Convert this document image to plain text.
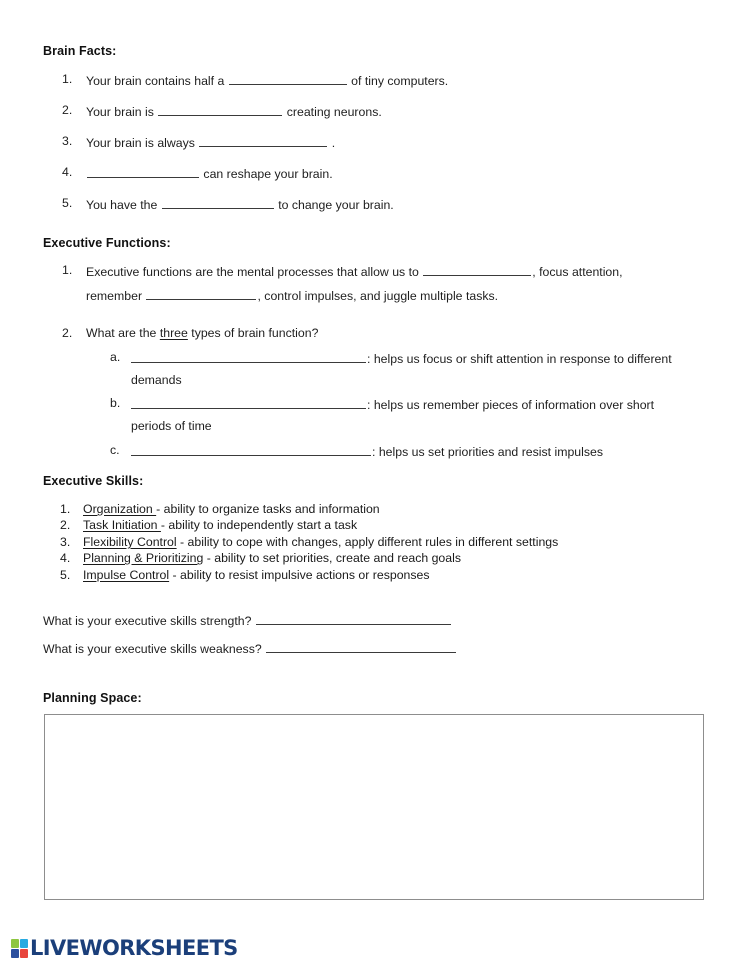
Brain Facts:
1.	Your brain contains half a	of tiny computers.
2.	Your brain is	creating neurons.
3.	Your brain is always	.
4.	can reshape your brain.
5.	You have the	to change your brain.
Executive Functions:
1.	Executive functions are the mental processes that allow us to	, focus attention,
remember	, control impulses, and juggle multiple tasks.
2.	What are the three types of brain function?
a.	: helps us focus or shift attention in response to different
demands
b.	: helps us remember pieces of information over short
periods of time
c.	: helps us set priorities and resist impulses
Executive Skills:
1. Organization - ability to organize tasks and information
2. Task Initiation - ability to independently start a task
3. Flexibility Control - ability to cope with changes, apply different rules in different settings
4. Planning & Prioritizing - ability to set priorities, create and reach goals
5. Impulse Control - ability to resist impulsive actions or responses
What is your executive skills strength?
What is your executive skills weakness?
Planning Space:
LIVEWORKSHEETS
